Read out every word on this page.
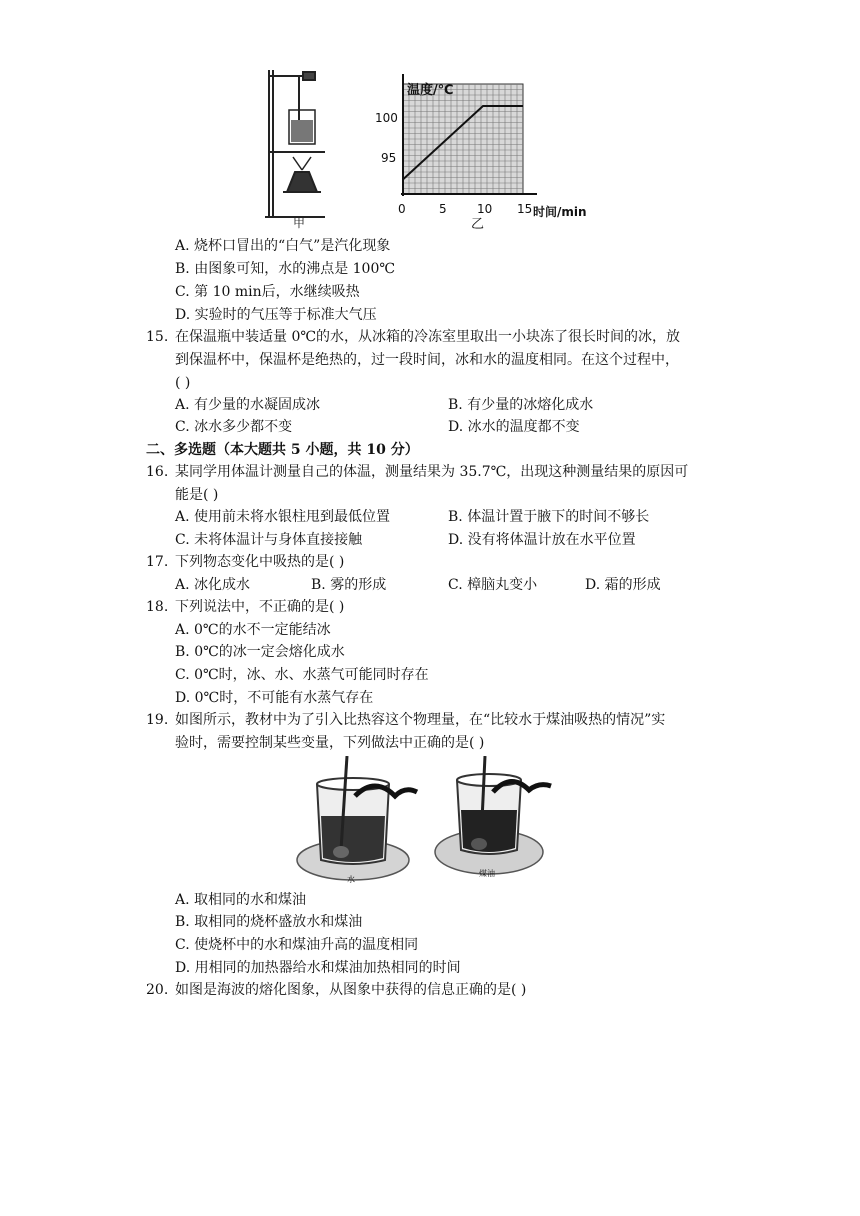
甲
温度/℃
时间/min
95
100
0	5	10 15
乙
A. 烧杯口冒出的“白气”是汽化现象
B. 由图象可知，水的沸点是 100℃
C. 第 10 min后，水继续吸热
D. 实验时的气压等于标准大气压
15. 在保温瓶中装适量 0℃的水，从冰箱的冷冻室里取出一小块冻了很长时间的冰，放
到保温杯中，保温杯是绝热的，过一段时间，冰和水的温度相同。在这个过程中，
( )
A. 有少量的水凝固成冰	B. 有少量的冰熔化成水
C. 冰水多少都不变	D. 冰水的温度都不变
二、多选题（本大题共 5 小题，共 10 分）
16. 某同学用体温计测量自己的体温，测量结果为 35.7℃，出现这种测量结果的原因可
能是( )
A. 使用前未将水银柱甩到最低位置	B. 体温计置于腋下的时间不够长
C. 未将体温计与身体直接接触	D. 没有将体温计放在水平位置
17. 下列物态变化中吸热的是( )
A. 冰化成水	B. 雾的形成	C. 樟脑丸变小	D. 霜的形成
18. 下列说法中，不正确的是( )
A. 0℃的水不一定能结冰
B. 0℃的冰一定会熔化成水
C. 0℃时，冰、水、水蒸气可能同时存在
D. 0℃时，不可能有水蒸气存在
19. 如图所示，教材中为了引入比热容这个物理量，在“比较水于煤油吸热的情况”实
验时，需要控制某些变量，下列做法中正确的是( )
水
煤油
A. 取相同的水和煤油
B. 取相同的烧杯盛放水和煤油
C. 使烧杯中的水和煤油升高的温度相同
D. 用相同的加热器给水和煤油加热相同的时间
20. 如图是海波的熔化图象，从图象中获得的信息正确的是( )
